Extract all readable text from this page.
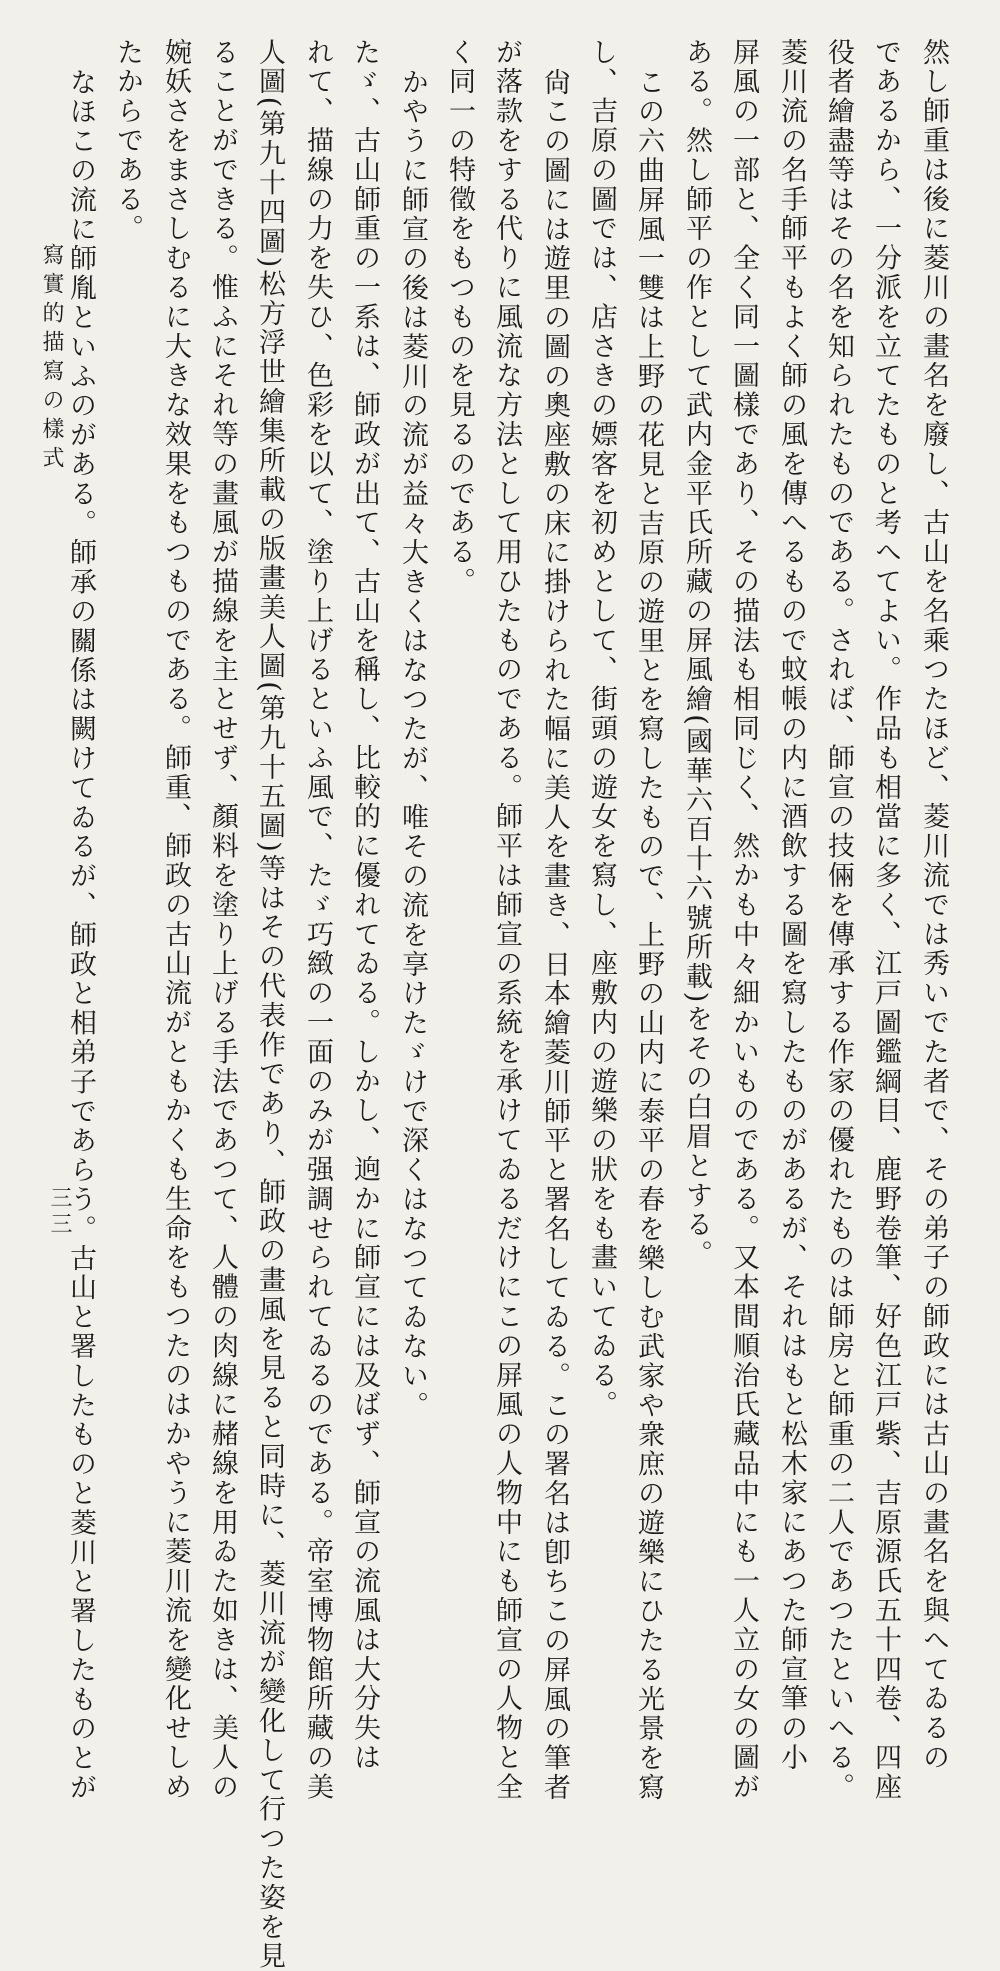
然し師重は後に菱川の畫名を廢し、古山を名乘つたほど、菱川流では秀いでた者で、その弟子の師政には古山の畫名を與へてゐるの
であるから、一分派を立てたものと考へてよい。作品も相當に多く、江戸圖鑑綱目、鹿野卷筆、好色江戸紫、吉原源氏五十四卷、四座
役者繪盡等はその名を知られたものである。されば、師宣の技倆を傳承する作家の優れたものは師房と師重の二人であつたといへる。
菱川流の名手師平もよく師の風を傳へるもので蚊帳の内に酒飲する圖を寫したものがあるが、それはもと松木家にあつた師宣筆の小
屏風の一部と、全く同一圖樣であり、その描法も相同じく、然かも中々細かいものである。又本間順治氏藏品中にも一人立の女の圖が
ある。然し師平の作として武内金平氏所藏の屏風繪(國華六百十六號所載)をその白眉とする。
この六曲屏風一雙は上野の花見と吉原の遊里とを寫したもので、上野の山内に泰平の春を樂しむ武家や衆庶の遊樂にひたる光景を寫
し、吉原の圖では、店さきの嫖客を初めとして、街頭の遊女を寫し、座敷内の遊樂の狀をも畫いてゐる。
尙この圖には遊里の圖の奧座敷の床に掛けられた幅に美人を畫き、日本繪菱川師平と署名してゐる。この署名は卽ちこの屏風の筆者
が落款をする代りに風流な方法として用ひたものである。師平は師宣の系統を承けてゐるだけにこの屏風の人物中にも師宣の人物と全
く同一の特徵をもつものを見るのである。
かやうに師宣の後は菱川の流が益々大きくはなつたが、唯その流を享けたゞけで深くはなつてゐない。
たゞ、古山師重の一系は、師政が出て、古山を稱し、比較的に優れてゐる。しかし、逈かに師宣には及ばず、師宣の流風は大分失は
れて、描線の力を失ひ、色彩を以て、塗り上げるといふ風で、たゞ巧緻の一面のみが强調せられてゐるのである。帝室博物館所藏の美
人圖(第九十四圖)松方浮世繪集所載の版畫美人圖(第九十五圖)等はその代表作であり、師政の畫風を見ると同時に、菱川流が變化して行つた姿を見
ることができる。惟ふにそれ等の畫風が描線を主とせず、顏料を塗り上げる手法であつて、人體の肉線に赭線を用ゐた如きは、美人の
婉妖さをまさしむるに大きな效果をもつものである。師重、師政の古山流がともかくも生命をもつたのはかやうに菱川流を變化せしめ
たからである。
なほこの流に師胤といふのがある。師承の關係は闕けてゐるが、師政と相弟子であらう。古山と署したものと菱川と署したものとが
寫實的描寫の樣式
三三
